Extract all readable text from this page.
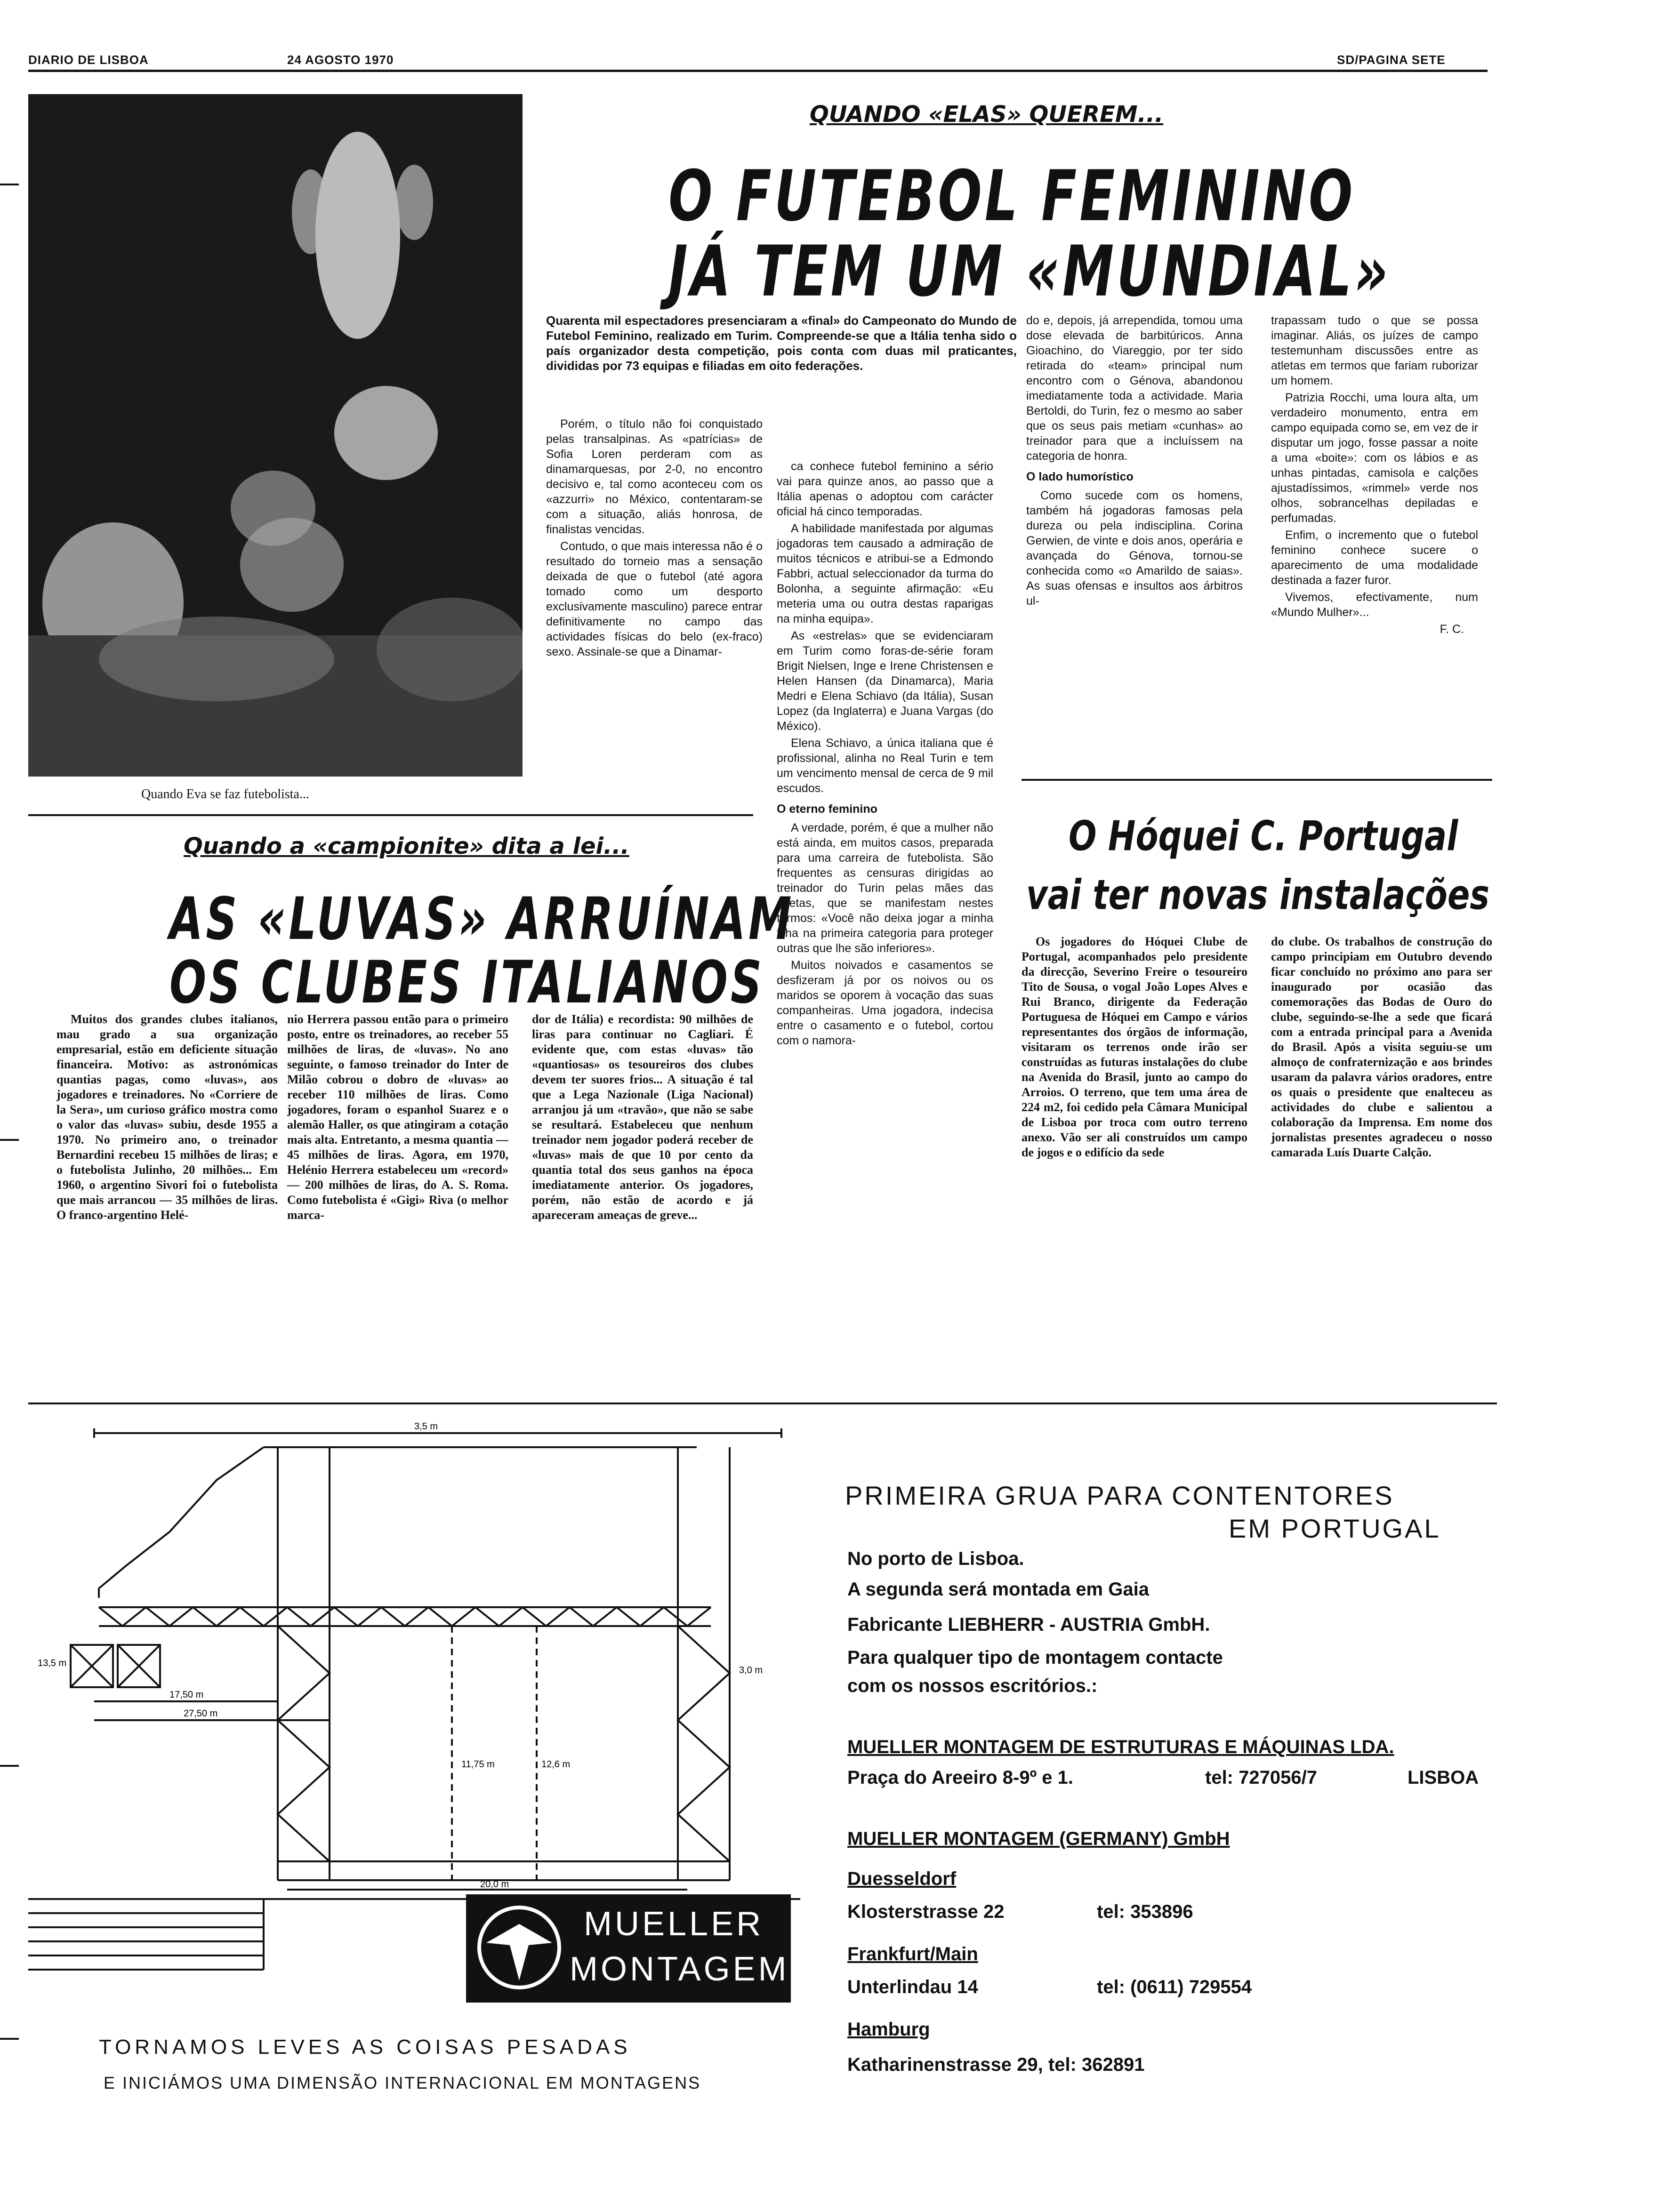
DIARIO DE LISBOA	24 AGOSTO 1970	SD/PAGINA SETE
Quando Eva se faz futebolista...
QUANDO «ELAS» QUEREM...
O FUTEBOL FEMININO
JÁ TEM UM «MUNDIAL»

Quarenta mil espectadores presenciaram a «final» do Campeonato do Mundo de Futebol Feminino, realizado em Turim. Compreende-se que a Itália tenha sido o país organizador desta competição, pois conta com duas mil praticantes, divididas por 73 equipas e filiadas em oito federações.

Porém, o título não foi conquistado pelas transalpinas. As «patrícias» de Sofia Loren perderam com as dinamarquesas, por 2-0, no encontro decisivo e, tal como aconteceu com os «azzurri» no México, contentaram-se com a situação, aliás honrosa, de finalistas vencidas.

Contudo, o que mais interessa não é o resultado do torneio mas a sensação deixada de que o futebol (até agora tomado como um desporto exclusivamente masculino) parece entrar definitivamente no campo das actividades físicas do belo (ex-fraco) sexo. Assinale-se que a Dinamar-

ca conhece futebol feminino a sério vai para quinze anos, ao passo que a Itália apenas o adoptou com carácter oficial há cinco temporadas.

A habilidade manifestada por algumas jogadoras tem causado a admiração de muitos técnicos e atribui-se a Edmondo Fabbri, actual seleccionador da turma do Bolonha, a seguinte afirmação: «Eu meteria uma ou outra destas raparigas na minha equipa».

As «estrelas» que se evidenciaram em Turim como foras-de-série foram Brigit Nielsen, Inge e Irene Christensen e Helen Hansen (da Dinamarca), Maria Medri e Elena Schiavo (da Itália), Susan Lopez (da Inglaterra) e Juana Vargas (do México).

Elena Schiavo, a única italiana que é profissional, alinha no Real Turin e tem um vencimento mensal de cerca de 9 mil escudos.

O eterno feminino

A verdade, porém, é que a mulher não está ainda, em muitos casos, preparada para uma carreira de futebolista. São frequentes as censuras dirigidas ao treinador do Turin pelas mães das atletas, que se manifestam nestes termos: «Você não deixa jogar a minha filha na primeira categoria para proteger outras que lhe são inferiores».

Muitos noivados e casamentos se desfizeram já por os noivos ou os maridos se oporem à vocação das suas companheiras. Uma jogadora, indecisa entre o casamento e o futebol, cortou com o namora-

do e, depois, já arrependida, tomou uma dose elevada de barbitúricos. Anna Gioachino, do Viareggio, por ter sido retirada do «team» principal num encontro com o Génova, abandonou imediatamente toda a actividade. Maria Bertoldi, do Turin, fez o mesmo ao saber que os seus pais metiam «cunhas» ao treinador para que a incluíssem na categoria de honra.

O lado humorístico

Como sucede com os homens, também há jogadoras famosas pela dureza ou pela indisciplina. Corina Gerwien, de vinte e dois anos, operária e avançada do Génova, tornou-se conhecida como «o Amarildo de saias». As suas ofensas e insultos aos árbitros ul-

trapassam tudo o que se possa imaginar. Aliás, os juízes de campo testemunham discussões entre as atletas em termos que fariam ruborizar um homem.

Patrizia Rocchi, uma loura alta, um verdadeiro monumento, entra em campo equipada como se, em vez de ir disputar um jogo, fosse passar a noite a uma «boite»: com os lábios e as unhas pintadas, camisola e calções ajustadíssimos, «rimmel» verde nos olhos, sobrancelhas depiladas e perfumadas.

Enfim, o incremento que o futebol feminino conhece sucere o aparecimento de uma modalidade destinada a fazer furor.

Vivemos, efectivamente, num «Mundo Mulher»...

F. C.

Quando a «campionite» dita a lei...
AS «LUVAS» ARRUÍNAM
OS CLUBES ITALIANOS

Muitos dos grandes clubes italianos, mau grado a sua organização empresarial, estão em deficiente situação financeira. Motivo: as astronómicas quantias pagas, como «luvas», aos jogadores e treinadores. No «Corriere de la Sera», um curioso gráfico mostra como o valor das «luvas» subiu, desde 1955 a 1970. No primeiro ano, o treinador Bernardini recebeu 15 milhões de liras; e o futebolista Julinho, 20 milhões... Em 1960, o argentino Sivori foi o futebolista que mais arrancou — 35 milhões de liras. O franco-argentino Helé-

nio Herrera passou então para o primeiro posto, entre os treinadores, ao receber 55 milhões de liras, de «luvas». No ano seguinte, o famoso treinador do Inter de Milão cobrou o dobro de «luvas» ao receber 110 milhões de liras. Como jogadores, foram o espanhol Suarez e o alemão Haller, os que atingiram a cotação mais alta. Entretanto, a mesma quantia — 45 milhões de liras. Agora, em 1970, Helénio Herrera estabeleceu um «record» — 200 milhões de liras, do A. S. Roma. Como futebolista é «Gigi» Riva (o melhor marca-

dor de Itália) e recordista: 90 milhões de liras para continuar no Cagliari. É evidente que, com estas «luvas» tão «quantiosas» os tesoureiros dos clubes devem ter suores frios... A situação é tal que a Lega Nazionale (Liga Nacional) arranjou já um «travão», que não se sabe se resultará. Estabeleceu que nenhum treinador nem jogador poderá receber de «luvas» mais de que 10 por cento da quantia total dos seus ganhos na época imediatamente anterior. Os jogadores, porém, não estão de acordo e já apareceram ameaças de greve...

O Hóquei C. Portugal
vai ter novas instalações

Os jogadores do Hóquei Clube de Portugal, acompanhados pelo presidente da direcção, Severino Freire o tesoureiro Tito de Sousa, o vogal João Lopes Alves e Rui Branco, dirigente da Federação Portuguesa de Hóquei em Campo e vários representantes dos órgãos de informação, visitaram os terrenos onde irão ser construídas as futuras instalações do clube na Avenida do Brasil, junto ao campo do Arroios. O terreno, que tem uma área de 224 m2, foi cedido pela Câmara Municipal de Lisboa por troca com outro terreno anexo. Vão ser ali construídos um campo de jogos e o edifício da sede

do clube. Os trabalhos de construção do campo principiam em Outubro devendo ficar concluído no próximo ano para ser inaugurado por ocasião das comemorações das Bodas de Ouro do clube, seguindo-se-lhe a sede que ficará com a entrada principal para a Avenida do Brasil. Após a visita seguiu-se um almoço de confraternização e aos brindes usaram da palavra vários oradores, entre os quais o presidente que enalteceu as actividades do clube e salientou a colaboração da Imprensa. Em nome dos jornalistas presentes agradeceu o nosso camarada Luís Duarte Calção.

3,5 m
17,50 m
27,50 m
11,75 m	12,6 m
3,0 m
20,0 m
13,5 m
MUELLER
MONTAGEM
TORNAMOS LEVES AS COISAS PESADAS
E INICIÁMOS UMA DIMENSÃO INTERNACIONAL EM MONTAGENS
PRIMEIRA GRUA PARA CONTENTORES
EM PORTUGAL
No porto de Lisboa.
A segunda será montada em Gaia
Fabricante LIEBHERR - AUSTRIA GmbH.
Para qualquer tipo de montagem contacte
com os nossos escritórios.:
MUELLER MONTAGEM DE ESTRUTURAS E MÁQUINAS LDA.
Praça do Areeiro 8-9º e 1.	tel: 727056/7	LISBOA
MUELLER MONTAGEM (GERMANY) GmbH
Duesseldorf
Klosterstrasse 22	tel: 353896
Frankfurt/Main
Unterlindau 14	tel: (0611) 729554
Hamburg
Katharinenstrasse 29, tel: 362891
